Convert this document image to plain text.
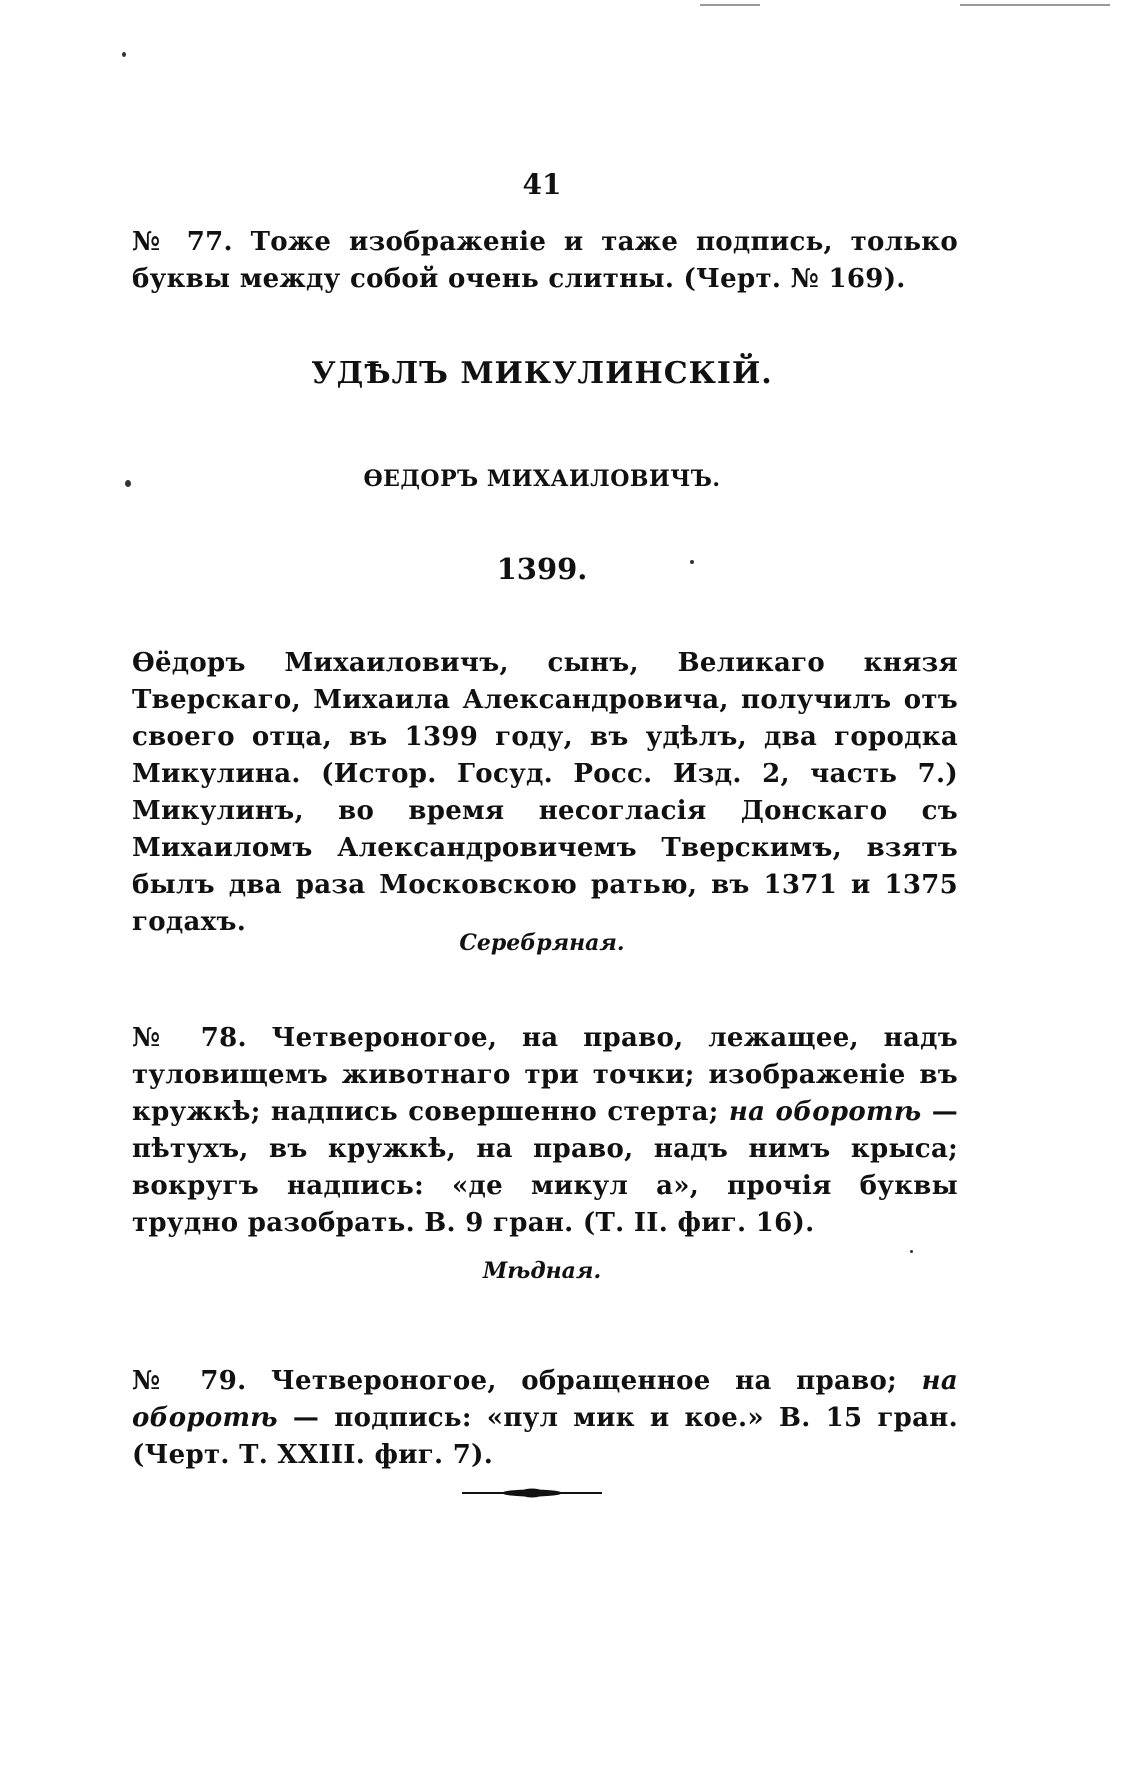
41
№ 77. Тоже изображеніе и таже подпись, только буквы между собой очень слитны. (Черт. № 169).
УДѢЛЪ МИКУЛИНСКІЙ.
ѲЕДОРЪ МИХАИЛОВИЧЪ.
1399.
Ѳёдоръ Михаиловичъ, сынъ, Великаго князя Тверскаго, Михаила Александровича, получилъ отъ своего отца, въ 1399 году, въ удѣлъ, два городка Микулина. (Истор. Госуд. Росс. Изд. 2, часть 7.) Микулинъ, во время несогласія Донскаго съ Михаиломъ Александровичемъ Тверскимъ, взятъ былъ два раза Московскою ратью, въ 1371 и 1375 годахъ.
Серебряная.
№ 78. Четвероногое, на право, лежащее, надъ туловищемъ животнаго три точки; изображеніе въ кружкѣ; надпись совершенно стерта; на оборотѣ — пѣтухъ, въ кружкѣ, на право, надъ нимъ крыса; вокругъ надпись: «де микул а», прочія буквы трудно разобрать. В. 9 гран. (Т. II. фиг. 16).
Мѣдная.
№ 79. Четвероногое, обращенное на право; на оборотѣ — подпись: «пул мик и кое.» В. 15 гран. (Черт. Т. XXIII. фиг. 7).
